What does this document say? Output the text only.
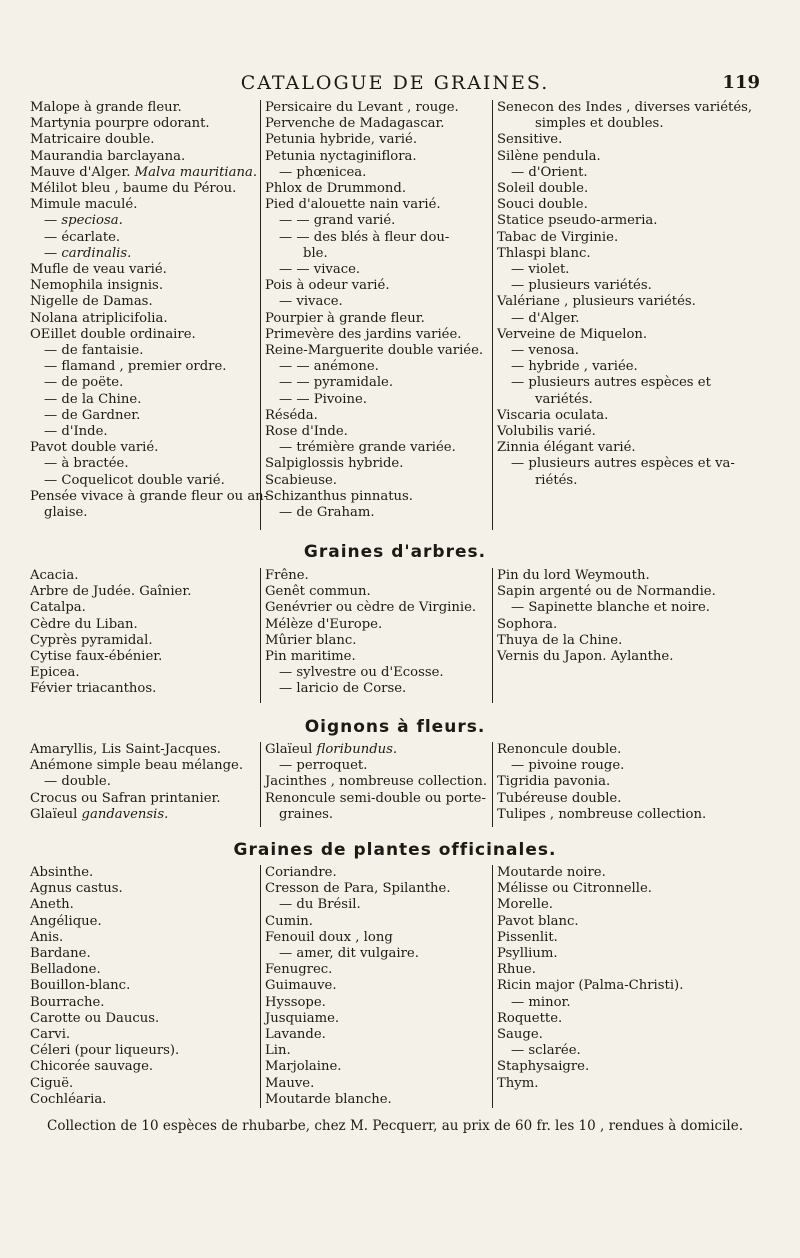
CATALOGUE DE GRAINES.	119
Malope à grande fleur.
Martynia pourpre odorant.
Matricaire double.
Maurandia barclayana.
Mauve d'Alger. Malva mauritiana.
Mélilot bleu , baume du Pérou.
Mimule maculé.
— speciosa.
— écarlate.
— cardinalis.
Mufle de veau varié.
Nemophila insignis.
Nigelle de Damas.
Nolana atriplicifolia.
OEillet double ordinaire.
— de fantaisie.
— flamand , premier ordre.
— de poëte.
— de la Chine.
— de Gardner.
— d'Inde.
Pavot double varié.
— à bractée.
— Coquelicot double varié.
Pensée vivace à grande fleur ou an-
glaise.
Persicaire du Levant , rouge.
Pervenche de Madagascar.
Petunia hybride, varié.
Petunia nyctaginiflora.
— phœnicea.
Phlox de Drummond.
Pied d'alouette nain varié.
— — grand varié.
— — des blés à fleur dou-
ble.
— — vivace.
Pois à odeur varié.
— vivace.
Pourpier à grande fleur.
Primevère des jardins variée.
Reine-Marguerite double variée.
— — anémone.
— — pyramidale.
— — Pivoine.
Réséda.
Rose d'Inde.
— trémière grande variée.
Salpiglossis hybride.
Scabieuse.
Schizanthus pinnatus.
— de Graham.
Senecon des Indes , diverses variétés,
simples et doubles.
Sensitive.
Silène pendula.
— d'Orient.
Soleil double.
Souci double.
Statice pseudo-armeria.
Tabac de Virginie.
Thlaspi blanc.
— violet.
— plusieurs variétés.
Valériane , plusieurs variétés.
— d'Alger.
Verveine de Miquelon.
— venosa.
— hybride , variée.
— plusieurs autres espèces et
variétés.
Viscaria oculata.
Volubilis varié.
Zinnia élégant varié.
— plusieurs autres espèces et va-
riétés.
Graines d'arbres.
Acacia.
Arbre de Judée. Gaînier.
Catalpa.
Cèdre du Liban.
Cyprès pyramidal.
Cytise faux-ébénier.
Epicea.
Févier triacanthos.
Frêne.
Genêt commun.
Genévrier ou cèdre de Virginie.
Mélèze d'Europe.
Mûrier blanc.
Pin maritime.
— sylvestre ou d'Ecosse.
— laricio de Corse.
Pin du lord Weymouth.
Sapin argenté ou de Normandie.
— Sapinette blanche et noire.
Sophora.
Thuya de la Chine.
Vernis du Japon. Aylanthe.
Oignons à fleurs.
Amaryllis, Lis Saint-Jacques.
Anémone simple beau mélange.
— double.
Crocus ou Safran printanier.
Glaïeul gandavensis.
Glaïeul floribundus.
— perroquet.
Jacinthes , nombreuse collection.
Renoncule semi-double ou porte-
graines.
Renoncule double.
— pivoine rouge.
Tigridia pavonia.
Tubéreuse double.
Tulipes , nombreuse collection.
Graines de plantes officinales.
Absinthe.
Agnus castus.
Aneth.
Angélique.
Anis.
Bardane.
Belladone.
Bouillon-blanc.
Bourrache.
Carotte ou Daucus.
Carvi.
Céleri (pour liqueurs).
Chicorée sauvage.
Ciguë.
Cochléaria.
Coriandre.
Cresson de Para, Spilanthe.
— du Brésil.
Cumin.
Fenouil doux , long
— amer, dit vulgaire.
Fenugrec.
Guimauve.
Hyssope.
Jusquiame.
Lavande.
Lin.
Marjolaine.
Mauve.
Moutarde blanche.
Moutarde noire.
Mélisse ou Citronnelle.
Morelle.
Pavot blanc.
Pissenlit.
Psyllium.
Rhue.
Ricin major (Palma-Christi).
— minor.
Roquette.
Sauge.
— sclarée.
Staphysaigre.
Thym.
Collection de 10 espèces de rhubarbe, chez M. Pecquerr, au prix de 60 fr. les 10 , rendues à domicile.
